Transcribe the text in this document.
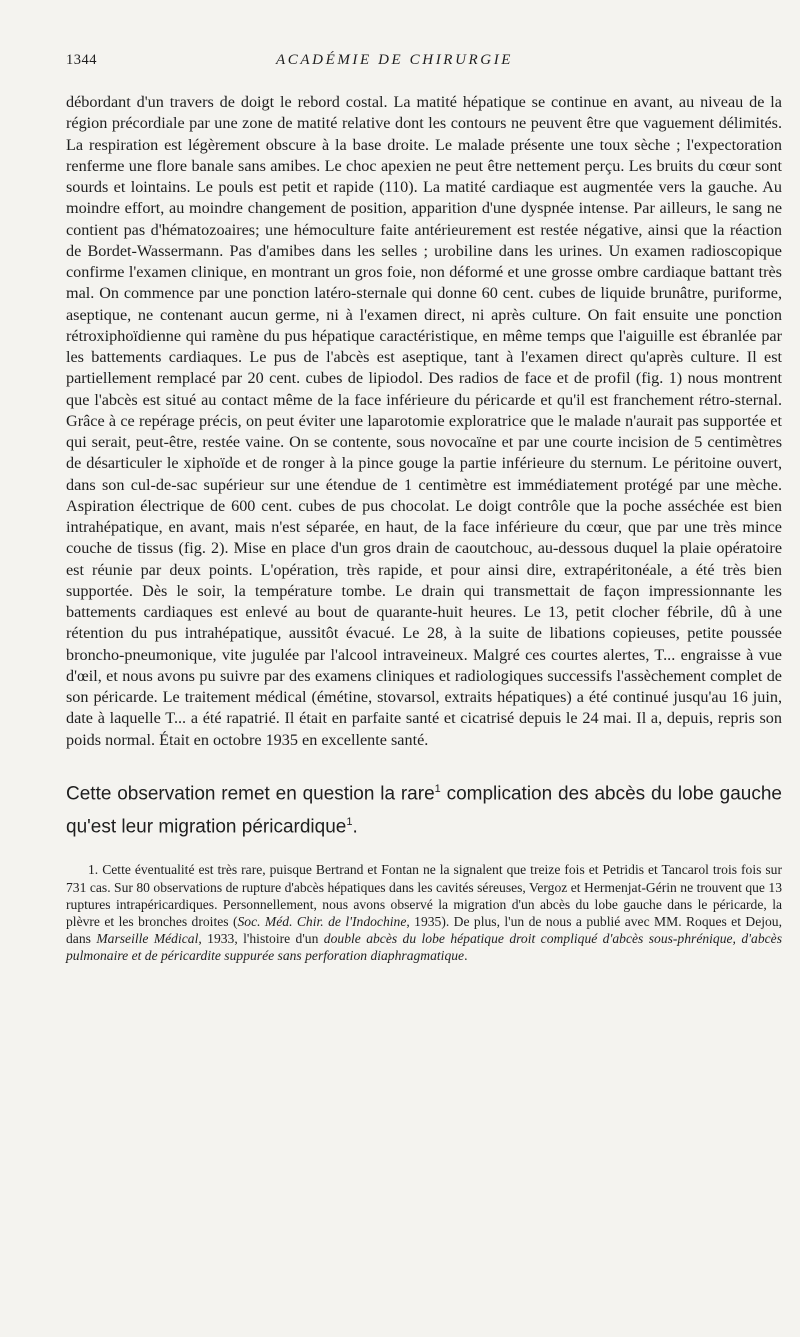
1344	ACADÉMIE DE CHIRURGIE

débordant d'un travers de doigt le rebord costal. La matité hépatique se continue en avant, au niveau de la région précordiale par une zone de matité relative dont les contours ne peuvent être que vaguement délimités. La respiration est légèrement obscure à la base droite. Le malade présente une toux sèche ; l'expectoration renferme une flore banale sans amibes. Le choc apexien ne peut être nettement perçu. Les bruits du cœur sont sourds et lointains. Le pouls est petit et rapide (110). La matité cardiaque est augmentée vers la gauche. Au moindre effort, au moindre changement de position, apparition d'une dyspnée intense. Par ailleurs, le sang ne contient pas d'hématozoaires; une hémoculture faite antérieurement est restée négative, ainsi que la réaction de Bordet-Wassermann. Pas d'amibes dans les selles ; urobiline dans les urines. Un examen radioscopique confirme l'examen clinique, en montrant un gros foie, non déformé et une grosse ombre cardiaque battant très mal. On commence par une ponction latéro-sternale qui donne 60 cent. cubes de liquide brunâtre, puriforme, aseptique, ne contenant aucun germe, ni à l'examen direct, ni après culture. On fait ensuite une ponction rétroxiphoïdienne qui ramène du pus hépatique caractéristique, en même temps que l'aiguille est ébranlée par les battements cardiaques. Le pus de l'abcès est aseptique, tant à l'examen direct qu'après culture. Il est partiellement remplacé par 20 cent. cubes de lipiodol. Des radios de face et de profil (fig. 1) nous montrent que l'abcès est situé au contact même de la face inférieure du péricarde et qu'il est franchement rétro-sternal. Grâce à ce repérage précis, on peut éviter une laparotomie exploratrice que le malade n'aurait pas supportée et qui serait, peut-être, restée vaine. On se contente, sous novocaïne et par une courte incision de 5 centimètres de désarticuler le xiphoïde et de ronger à la pince gouge la partie inférieure du sternum. Le péritoine ouvert, dans son cul-de-sac supérieur sur une étendue de 1 centimètre est immédiatement protégé par une mèche. Aspiration électrique de 600 cent. cubes de pus chocolat. Le doigt contrôle que la poche asséchée est bien intrahépatique, en avant, mais n'est séparée, en haut, de la face inférieure du cœur, que par une très mince couche de tissus (fig. 2). Mise en place d'un gros drain de caoutchouc, au-dessous duquel la plaie opératoire est réunie par deux points. L'opération, très rapide, et pour ainsi dire, extrapéritonéale, a été très bien supportée. Dès le soir, la température tombe. Le drain qui transmettait de façon impressionnante les battements cardiaques est enlevé au bout de quarante-huit heures. Le 13, petit clocher fébrile, dû à une rétention du pus intrahépatique, aussitôt évacué. Le 28, à la suite de libations copieuses, petite poussée broncho-pneumonique, vite jugulée par l'alcool intraveineux. Malgré ces courtes alertes, T... engraisse à vue d'œil, et nous avons pu suivre par des examens cliniques et radiologiques successifs l'assèchement complet de son péricarde. Le traitement médical (émétine, stovarsol, extraits hépatiques) a été continué jusqu'au 16 juin, date à laquelle T... a été rapatrié. Il était en parfaite santé et cicatrisé depuis le 24 mai. Il a, depuis, repris son poids normal. Était en octobre 1935 en excellente santé.

Cette observation remet en question la rare$^1$ complication des abcès du lobe gauche qu'est leur migration péricardique$^1$.

1. Cette éventualité est très rare, puisque Bertrand et Fontan ne la signalent que treize fois et Petridis et Tancarol trois fois sur 731 cas. Sur 80 observations de rupture d'abcès hépatiques dans les cavités séreuses, Vergoz et Hermenjat-Gérin ne trouvent que 13 ruptures intrapéricardiques. Personnellement, nous avons observé la migration d'un abcès du lobe gauche dans le péricarde, la plèvre et les bronches droites (Soc. Méd. Chir. de l'Indochine, 1935). De plus, l'un de nous a publié avec MM. Roques et Dejou, dans Marseille Médical, 1933, l'histoire d'un double abcès du lobe hépatique droit compliqué d'abcès sous-phrénique, d'abcès pulmonaire et de péricardite suppurée sans perforation diaphragmatique.
